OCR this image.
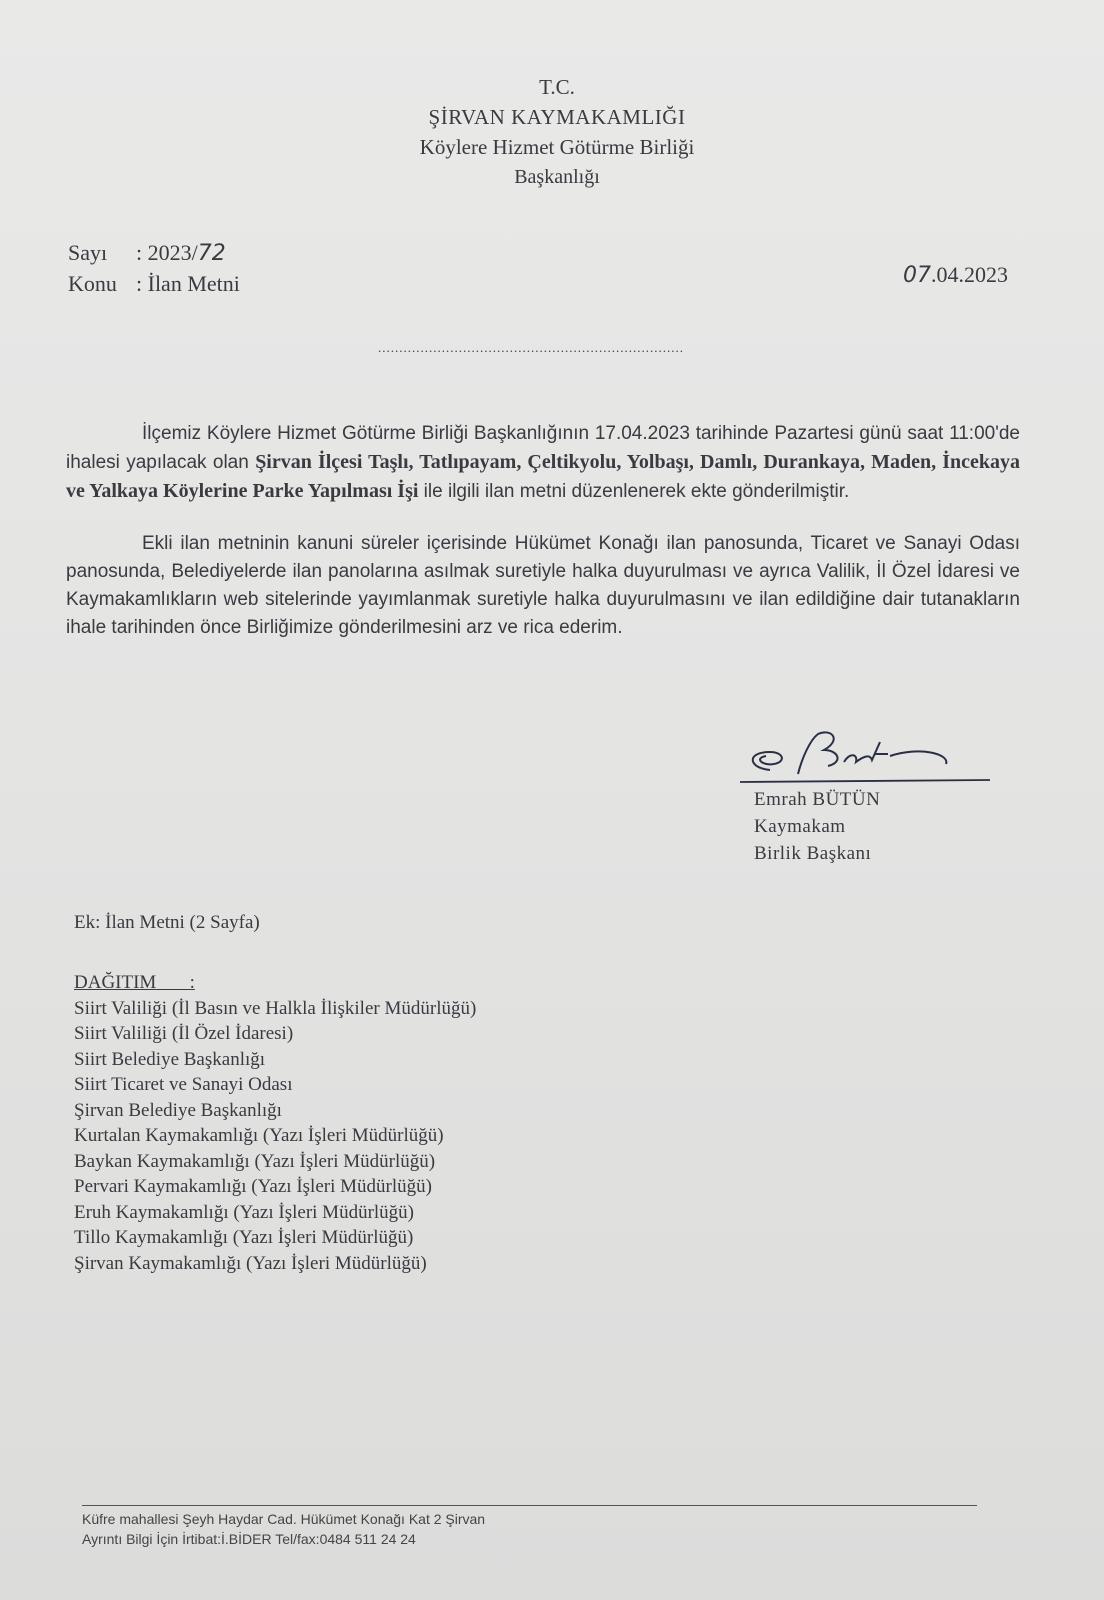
T.C.
ŞİRVAN KAYMAKAMLIĞI
Köylere Hizmet Götürme Birliği
Başkanlığı
Sayı : 2023/72
Konu : İlan Metni	07.04.2023
........................................................................

İlçemiz Köylere Hizmet Götürme Birliği Başkanlığının 17.04.2023 tarihinde Pazartesi günü saat 11:00'de ihalesi yapılacak olan Şirvan İlçesi Taşlı, Tatlıpayam, Çeltikyolu, Yolbaşı, Damlı, Durankaya, Maden, İncekaya ve Yalkaya Köylerine Parke Yapılması İşi ile ilgili ilan metni düzenlenerek ekte gönderilmiştir.

Ekli ilan metninin kanuni süreler içerisinde Hükümet Konağı ilan panosunda, Ticaret ve Sanayi Odası panosunda, Belediyelerde ilan panolarına asılmak suretiyle halka duyurulması ve ayrıca Valilik, İl Özel İdaresi ve Kaymakamlıkların web sitelerinde yayımlanmak suretiyle halka duyurulmasını ve ilan edildiğine dair tutanakların ihale tarihinden önce Birliğimize gönderilmesini arz ve rica ederim.

Emrah BÜTÜN
Kaymakam
Birlik Başkanı
Ek: İlan Metni (2 Sayfa)
DAĞITIM :
Siirt Valiliği (İl Basın ve Halkla İlişkiler Müdürlüğü)
Siirt Valiliği (İl Özel İdaresi)
Siirt Belediye Başkanlığı
Siirt Ticaret ve Sanayi Odası
Şirvan Belediye Başkanlığı
Kurtalan Kaymakamlığı (Yazı İşleri Müdürlüğü)
Baykan Kaymakamlığı (Yazı İşleri Müdürlüğü)
Pervari Kaymakamlığı (Yazı İşleri Müdürlüğü)
Eruh Kaymakamlığı (Yazı İşleri Müdürlüğü)
Tillo Kaymakamlığı (Yazı İşleri Müdürlüğü)
Şirvan Kaymakamlığı (Yazı İşleri Müdürlüğü)
Küfre mahallesi Şeyh Haydar Cad. Hükümet Konağı Kat 2 Şirvan
Ayrıntı Bilgi İçin İrtibat:İ.BİDER Tel/fax:0484 511 24 24
